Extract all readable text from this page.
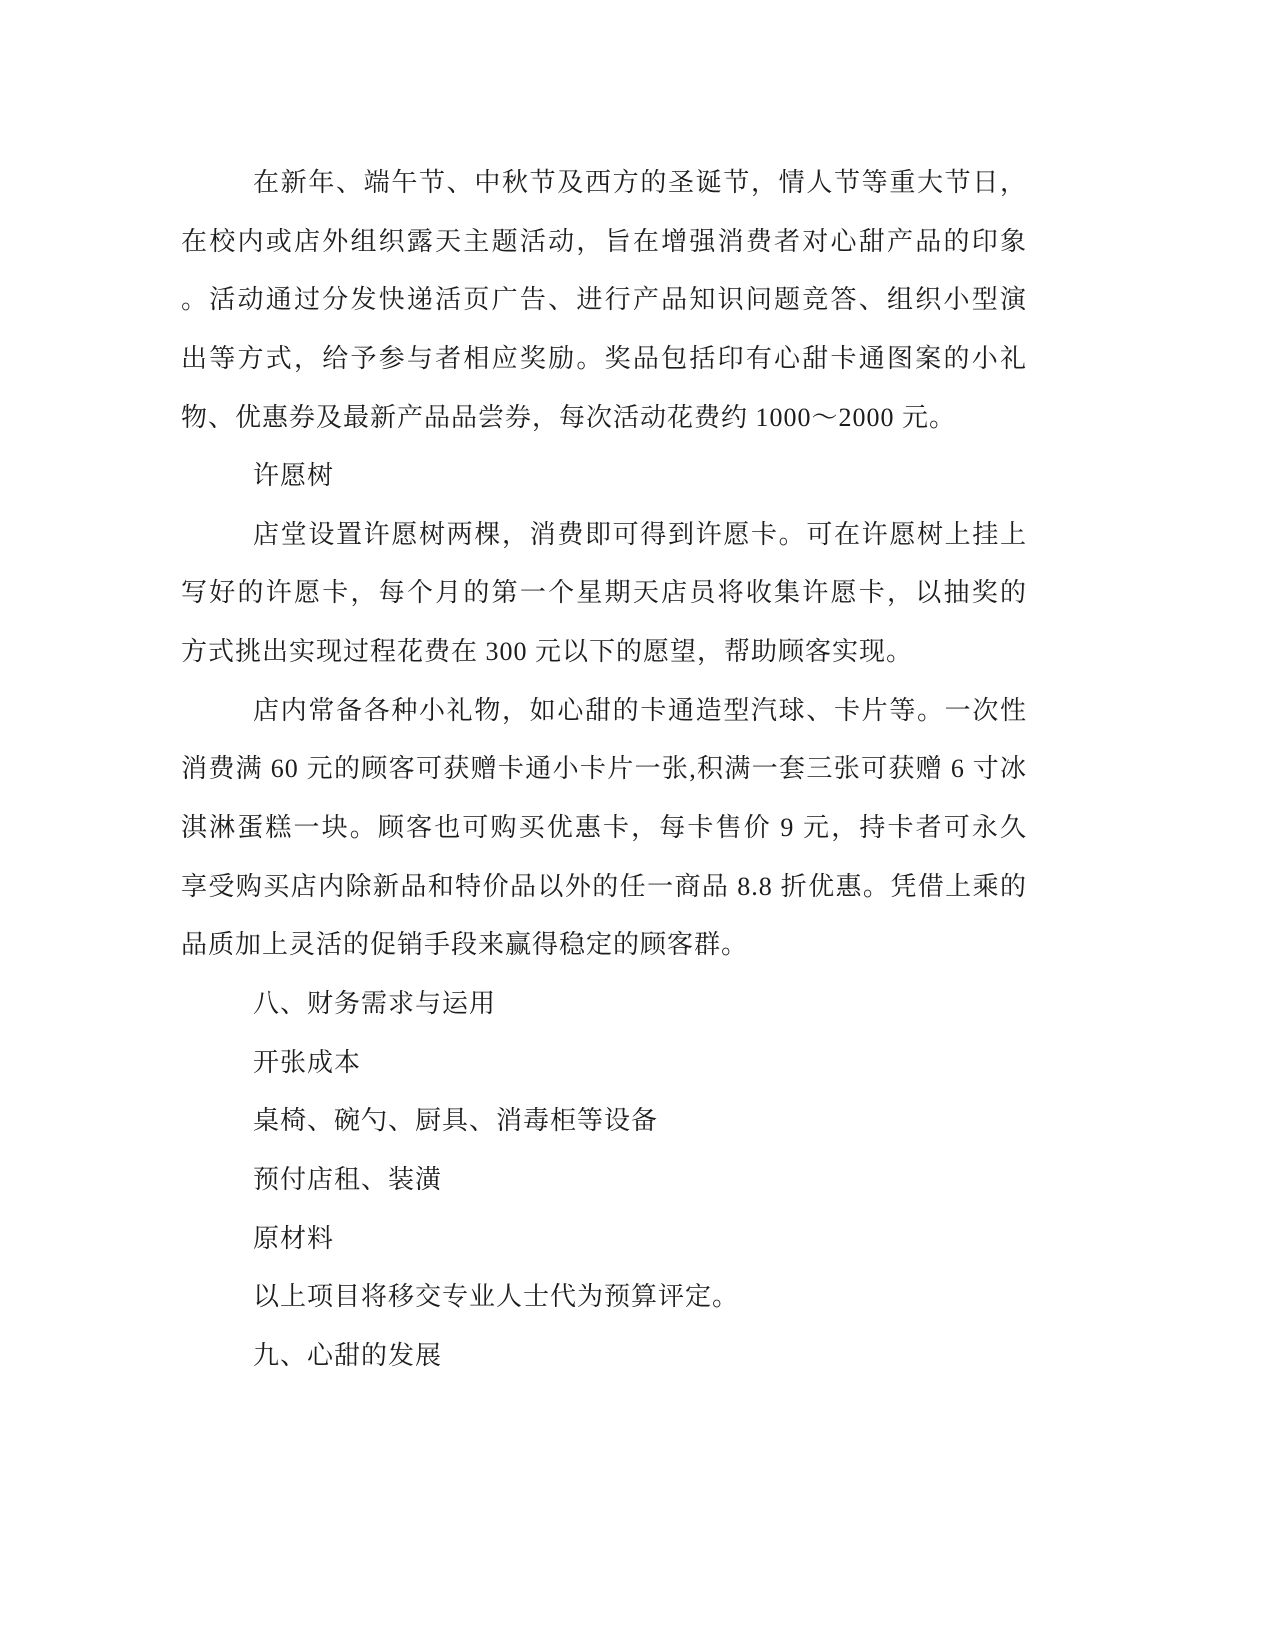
在新年、端午节、中秋节及西方的圣诞节，情人节等重大节日，
在校内或店外组织露天主题活动，旨在增强消费者对心甜产品的印象
。活动通过分发快递活页广告、进行产品知识问题竞答、组织小型演
出等方式，给予参与者相应奖励。奖品包括印有心甜卡通图案的小礼
物、优惠券及最新产品品尝券，每次活动花费约 1000～2000 元。
许愿树
店堂设置许愿树两棵，消费即可得到许愿卡。可在许愿树上挂上
写好的许愿卡，每个月的第一个星期天店员将收集许愿卡，以抽奖的
方式挑出实现过程花费在 300 元以下的愿望，帮助顾客实现。
店内常备各种小礼物，如心甜的卡通造型汽球、卡片等。一次性
消费满 60 元的顾客可获赠卡通小卡片一张,积满一套三张可获赠 6 寸冰
淇淋蛋糕一块。顾客也可购买优惠卡，每卡售价 9 元，持卡者可永久
享受购买店内除新品和特价品以外的任一商品 8.8 折优惠。凭借上乘的
品质加上灵活的促销手段来赢得稳定的顾客群。
八、财务需求与运用
开张成本
桌椅、碗勺、厨具、消毒柜等设备
预付店租、装潢
原材料
以上项目将移交专业人士代为预算评定。
九、心甜的发展
